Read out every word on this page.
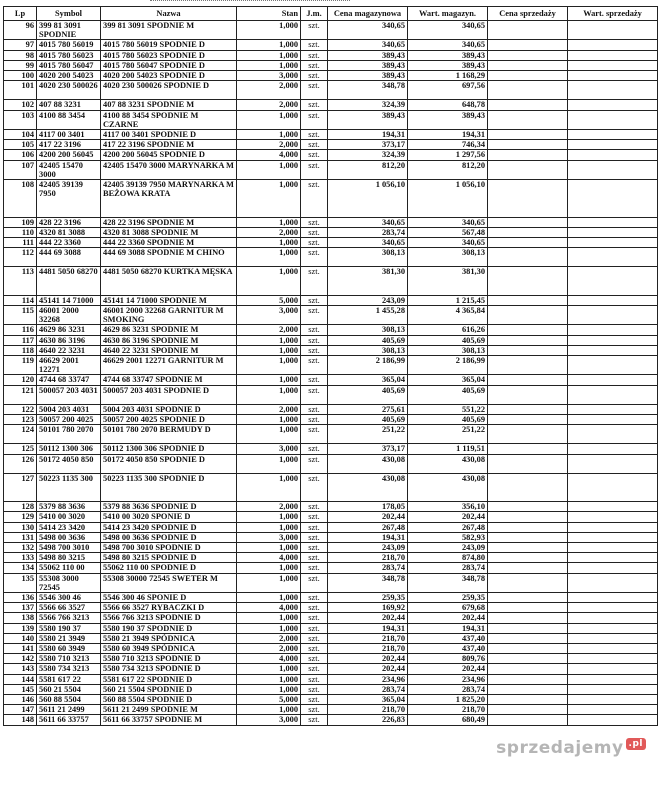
Lp	Symbol	Nazwa	Stan	J.m.	Cena magazynowa	Wart. magazyn.	Cena sprzedaży	Wart. sprzedaży
96	399 81 3091 SPODNIE	399 81 3091 SPODNIE M	1,000	szt.	340,65	340,65		
97	4015 780 56019	4015 780 56019 SPODNIE D	1,000	szt.	340,65	340,65		
98	4015 780 56023	4015 780 56023 SPODNIE D	1,000	szt.	389,43	389,43		
99	4015 780 56047	4015 780 56047 SPODNIE D	1,000	szt.	389,43	389,43		
100	4020 200 54023	4020 200 54023 SPODNIE D	3,000	szt.	389,43	1 168,29		
101	4020 230 500026	4020 230 500026 SPODNIE D	2,000	szt.	348,78	697,56		
102	407 88 3231	407 88 3231 SPODNIE M	2,000	szt.	324,39	648,78		
103	4100 88 3454	4100 88 3454 SPODNIE M CZARNE	1,000	szt.	389,43	389,43		
104	4117 00 3401	4117 00 3401 SPODNIE D	1,000	szt.	194,31	194,31		
105	417 22 3196	417 22 3196 SPODNIE M	2,000	szt.	373,17	746,34		
106	4200 200 56045	4200 200 56045 SPODNIE D	4,000	szt.	324,39	1 297,56		
107	42405 15470 3000	42405 15470 3000 MARYNARKA M	1,000	szt.	812,20	812,20		
108	42405 39139 7950	42405 39139 7950 MARYNARKA M BEŻOWA KRATA	1,000	szt.	1 056,10	1 056,10		
109	428 22 3196	428 22 3196 SPODNIE M	1,000	szt.	340,65	340,65		
110	4320 81 3088	4320 81 3088 SPODNIE M	2,000	szt.	283,74	567,48		
111	444 22 3360	444 22 3360 SPODNIE M	1,000	szt.	340,65	340,65		
112	444 69 3088	444 69 3088 SPODNIE M CHINO	1,000	szt.	308,13	308,13		
113	4481 5050 68270	4481 5050 68270 KURTKA MĘSKA	1,000	szt.	381,30	381,30		
114	45141 14 71000	45141 14 71000 SPODNIE M	5,000	szt.	243,09	1 215,45		
115	46001 2000 32268	46001 2000 32268 GARNITUR M SMOKING	3,000	szt.	1 455,28	4 365,84		
116	4629 86 3231	4629 86 3231 SPODNIE M	2,000	szt.	308,13	616,26		
117	4630 86 3196	4630 86 3196 SPODNIE M	1,000	szt.	405,69	405,69		
118	4640 22 3231	4640 22 3231 SPODNIE M	1,000	szt.	308,13	308,13		
119	46629 2001 12271	46629 2001 12271 GARNITUR M	1,000	szt.	2 186,99	2 186,99		
120	4744 68 33747	4744 68 33747 SPODNIE M	1,000	szt.	365,04	365,04		
121	500057 203 4031	500057 203 4031 SPODNIE D	1,000	szt.	405,69	405,69		
122	5004 203 4031	5004 203 4031 SPODNIE D	2,000	szt.	275,61	551,22		
123	50057 200 4025	50057 200 4025 SPODNIE D	1,000	szt.	405,69	405,69		
124	50101 780 2070	50101 780 2070 BERMUDY D	1,000	szt.	251,22	251,22		
125	50112 1300 306	50112 1300 306 SPODNIE D	3,000	szt.	373,17	1 119,51		
126	50172 4050 850	50172 4050 850 SPODNIE D	1,000	szt.	430,08	430,08		
127	50223 1135 300	50223 1135 300 SPODNIE D	1,000	szt.	430,08	430,08		
128	5379 88 3636	5379 88 3636 SPODNIE D	2,000	szt.	178,05	356,10		
129	5410 00 3020	5410 00 3020 SPONIE D	1,000	szt.	202,44	202,44		
130	5414 23 3420	5414 23 3420 SPODNIE D	1,000	szt.	267,48	267,48		
131	5498 00 3636	5498 00 3636 SPODNIE D	3,000	szt.	194,31	582,93		
132	5498 700 3010	5498 700 3010 SPODNIE D	1,000	szt.	243,09	243,09		
133	5498 80 3215	5498 80 3215 SPODNIE D	4,000	szt.	218,70	874,80		
134	55062 110 00	55062 110 00 SPODNIE D	1,000	szt.	283,74	283,74		
135	55308 3000 72545	55308 30000 72545 SWETER M	1,000	szt.	348,78	348,78		
136	5546 300 46	5546 300 46 SPONIE D	1,000	szt.	259,35	259,35		
137	5566 66 3527	5566 66 3527 RYBACZKI D	4,000	szt.	169,92	679,68		
138	5566 766 3213	5566 766 3213 SPODNIE D	1,000	szt.	202,44	202,44		
139	5580 190 37	5580 190 37 SPODNIE D	1,000	szt.	194,31	194,31		
140	5580 21 3949	5580 21 3949 SPÓDNICA	2,000	szt.	218,70	437,40		
141	5580 60 3949	5580 60 3949 SPÓDNICA	2,000	szt.	218,70	437,40		
142	5580 710 3213	5580 710 3213 SPODNIE D	4,000	szt.	202,44	809,76		
143	5580 734 3213	5580 734 3213 SPODNIE D	1,000	szt.	202,44	202,44		
144	5581 617 22	5581 617 22 SPODNIE D	1,000	szt.	234,96	234,96		
145	560 21 5504	560 21 5504 SPODNIE D	1,000	szt.	283,74	283,74		
146	560 88 5504	560 88 5504 SPODNIE D	5,000	szt.	365,04	1 825,20		
147	5611 21 2499	5611 21 2499 SPODNIE M	1,000	szt.	218,70	218,70		
148	5611 66 33757	5611 66 33757 SPODNIE M	3,000	szt.	226,83	680,49		
sprzedajemy .pl
